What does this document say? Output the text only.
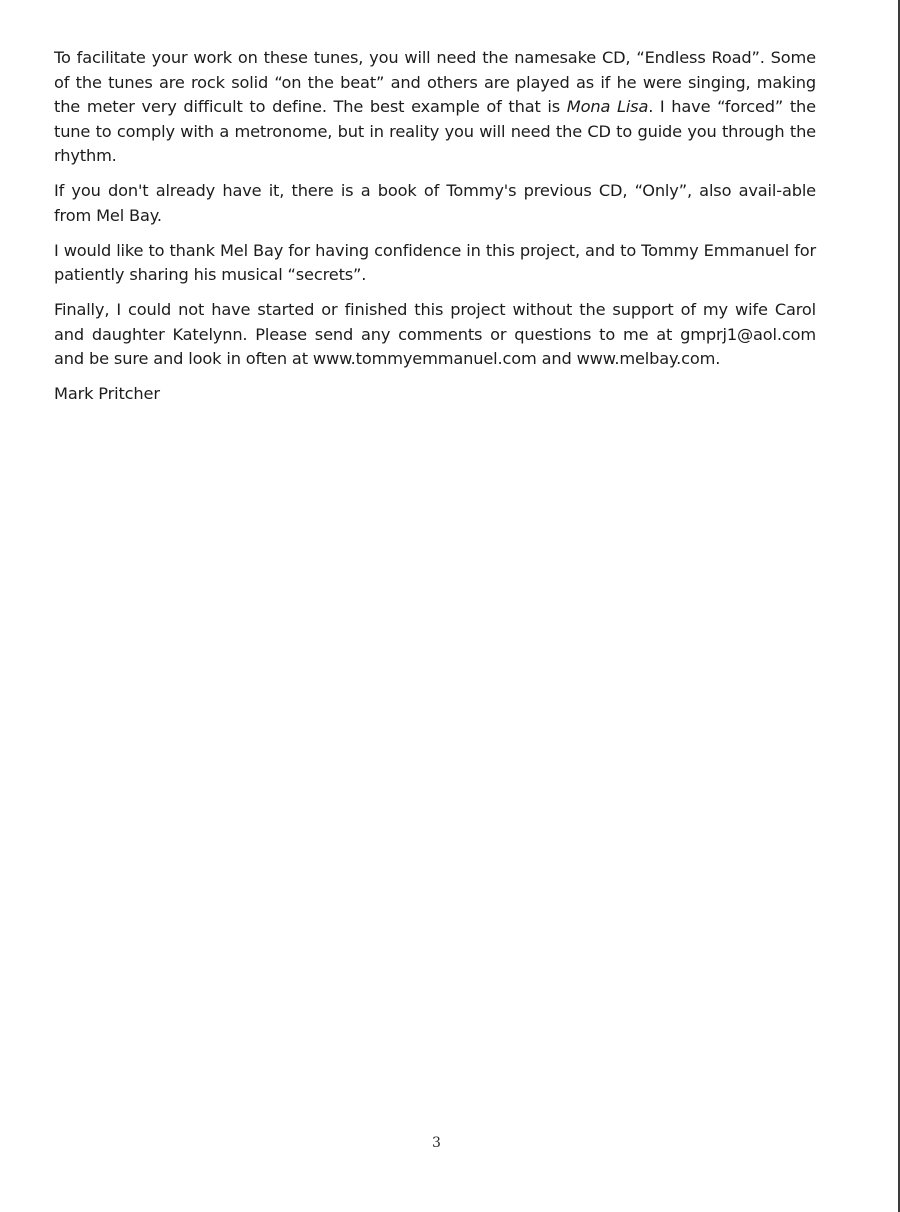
To facilitate your work on these tunes, you will need the namesake CD, “Endless Road”. Some of the tunes are rock solid “on the beat” and others are played as if he were singing, making the meter very difficult to define. The best example of that is Mona Lisa. I have “forced” the tune to comply with a metronome, but in reality you will need the CD to guide you through the rhythm.

If you don't already have it, there is a book of Tommy's previous CD, “Only”, also avail-able from Mel Bay.

I would like to thank Mel Bay for having confidence in this project, and to Tommy Emmanuel for patiently sharing his musical “secrets”.

Finally, I could not have started or finished this project without the support of my wife Carol and daughter Katelynn. Please send any comments or questions to me at gmprj1@aol.com and be sure and look in often at www.tommyemmanuel.com and www.melbay.com.

Mark Pritcher

3
